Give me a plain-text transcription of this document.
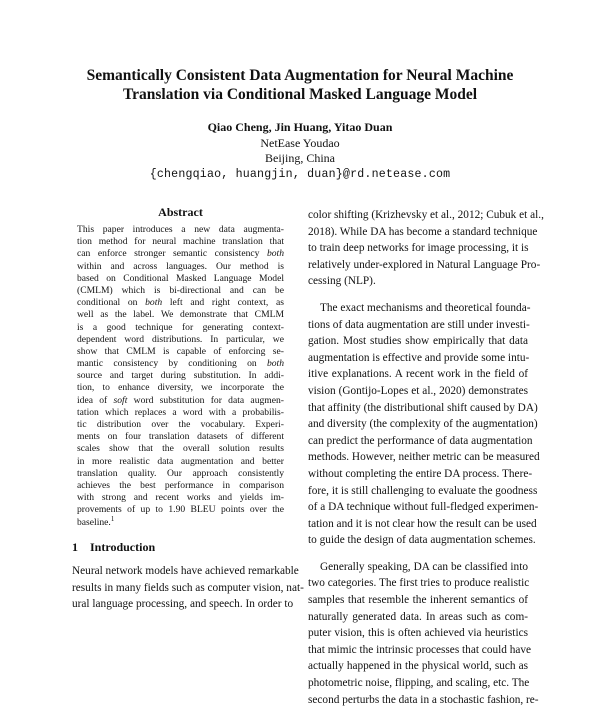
Semantically Consistent Data Augmentation for Neural Machine
Translation via Conditional Masked Language Model
Qiao Cheng, Jin Huang, Yitao Duan
NetEase Youdao
Beijing, China
{chengqiao, huangjin, duan}@rd.netease.com
Abstract
This paper introduces a new data augmenta-
tion method for neural machine translation that
can enforce stronger semantic consistency both
within and across languages. Our method is
based on Conditional Masked Language Model
(CMLM) which is bi-directional and can be
conditional on both left and right context, as
well as the label. We demonstrate that CMLM
is a good technique for generating context-
dependent word distributions. In particular, we
show that CMLM is capable of enforcing se-
mantic consistency by conditioning on both
source and target during substitution. In addi-
tion, to enhance diversity, we incorporate the
idea of soft word substitution for data augmen-
tation which replaces a word with a probabilis-
tic distribution over the vocabulary. Experi-
ments on four translation datasets of different
scales show that the overall solution results
in more realistic data augmentation and better
translation quality. Our approach consistently
achieves the best performance in comparison
with strong and recent works and yields im-
provements of up to 1.90 BLEU points over the
baseline.$^1$
1 Introduction
Neural network models have achieved remarkable
results in many fields such as computer vision, nat-
ural language processing, and speech. In order to
color shifting (Krizhevsky et al., 2012; Cubuk et al.,
2018). While DA has become a standard technique
to train deep networks for image processing, it is
relatively under-explored in Natural Language Pro-
cessing (NLP).
The exact mechanisms and theoretical founda-
tions of data augmentation are still under investi-
gation. Most studies show empirically that data
augmentation is effective and provide some intu-
itive explanations. A recent work in the field of
vision (Gontijo-Lopes et al., 2020) demonstrates
that affinity (the distributional shift caused by DA)
and diversity (the complexity of the augmentation)
can predict the performance of data augmentation
methods. However, neither metric can be measured
without completing the entire DA process. There-
fore, it is still challenging to evaluate the goodness
of a DA technique without full-fledged experimen-
tation and it is not clear how the result can be used
to guide the design of data augmentation schemes.
Generally speaking, DA can be classified into
two categories. The first tries to produce realistic
samples that resemble the inherent semantics of
naturally generated data. In areas such as com-
puter vision, this is often achieved via heuristics
that mimic the intrinsic processes that could have
actually happened in the physical world, such as
photometric noise, flipping, and scaling, etc. The
second perturbs the data in a stochastic fashion, re-
